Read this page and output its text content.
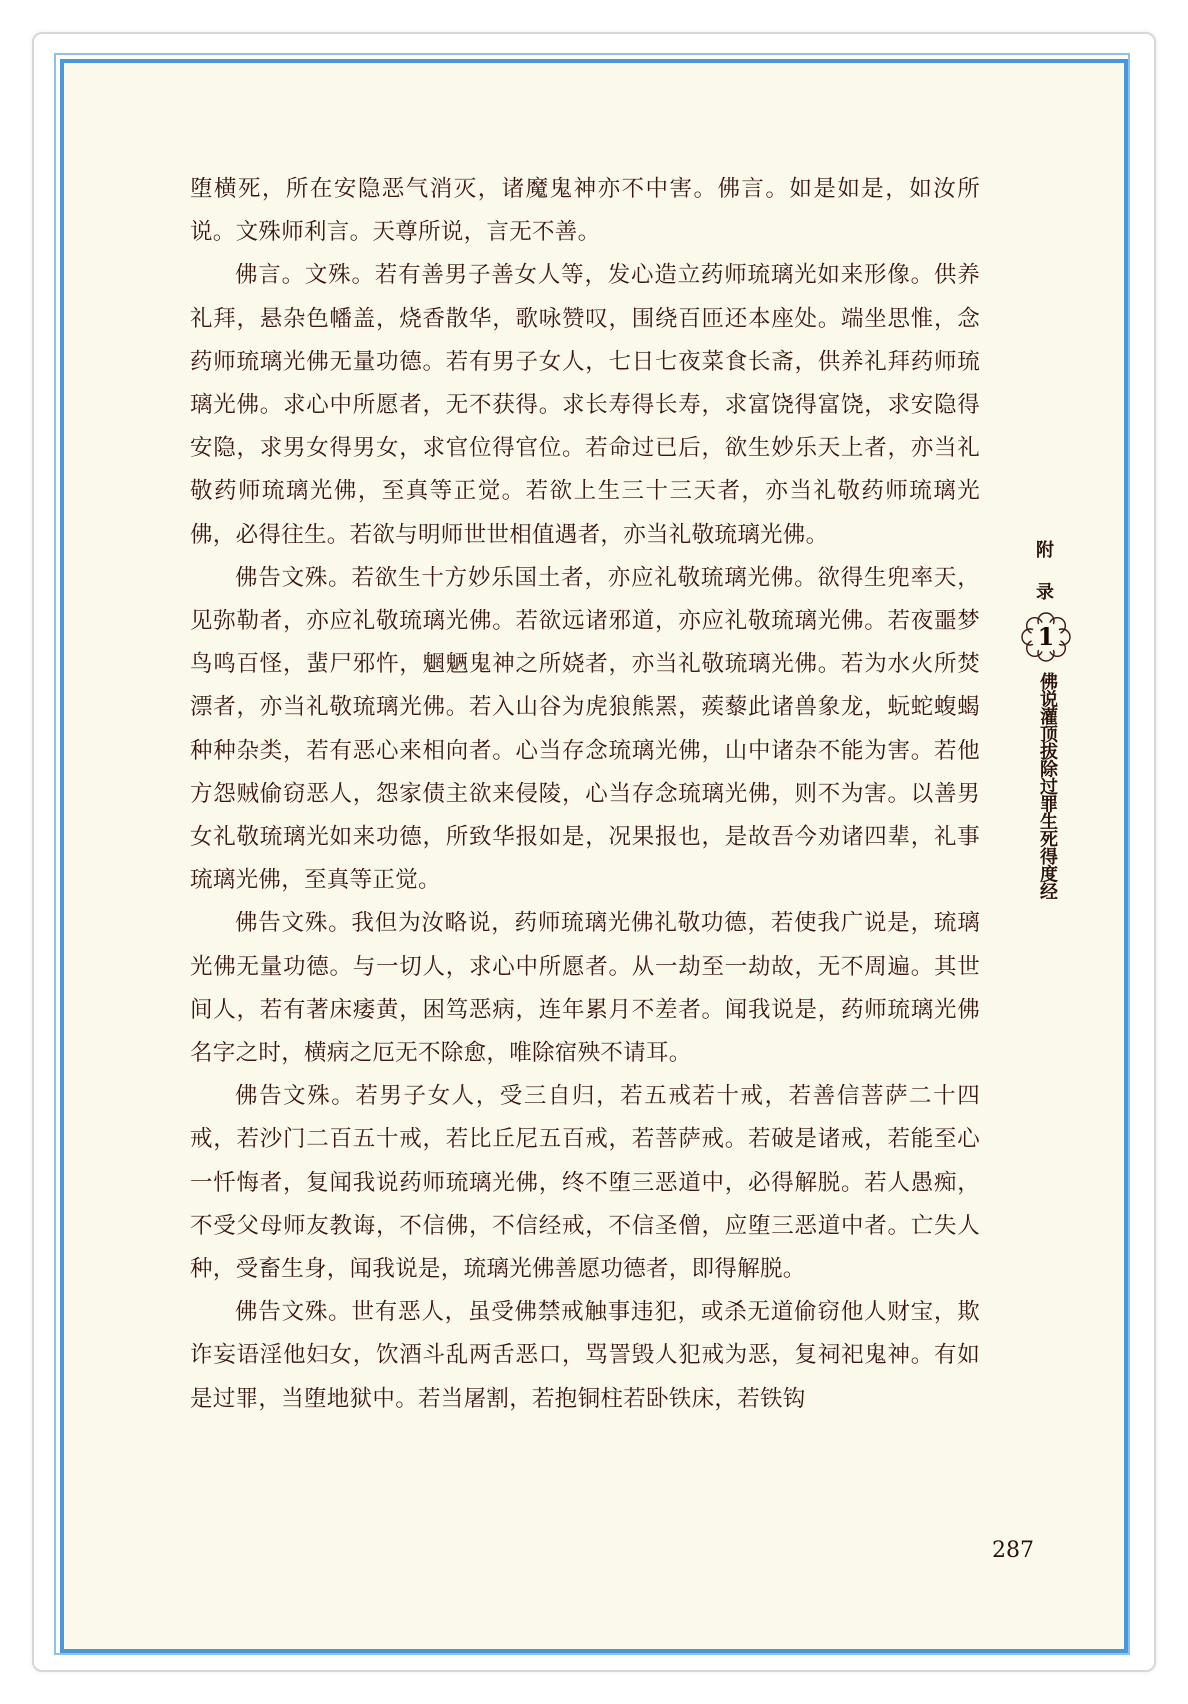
堕横死，所在安隐恶气消灭，诸魔鬼神亦不中害。佛言。如是如是，如汝所说。文殊师利言。天尊所说，言无不善。

佛言。文殊。若有善男子善女人等，发心造立药师琉璃光如来形像。供养礼拜，悬杂色幡盖，烧香散华，歌咏赞叹，围绕百匝还本座处。端坐思惟，念药师琉璃光佛无量功德。若有男子女人，七日七夜菜食长斋，供养礼拜药师琉璃光佛。求心中所愿者，无不获得。求长寿得长寿，求富饶得富饶，求安隐得安隐，求男女得男女，求官位得官位。若命过已后，欲生妙乐天上者，亦当礼敬药师琉璃光佛，至真等正觉。若欲上生三十三天者，亦当礼敬药师琉璃光佛，必得往生。若欲与明师世世相值遇者，亦当礼敬琉璃光佛。

佛告文殊。若欲生十方妙乐国土者，亦应礼敬琉璃光佛。欲得生兜率天，见弥勒者，亦应礼敬琉璃光佛。若欲远诸邪道，亦应礼敬琉璃光佛。若夜噩梦鸟鸣百怪，蜚尸邪忤，魍魉鬼神之所娆者，亦当礼敬琉璃光佛。若为水火所焚漂者，亦当礼敬琉璃光佛。若入山谷为虎狼熊罴，蒺藜此诸兽象龙，蚖蛇蝮蝎种种杂类，若有恶心来相向者。心当存念琉璃光佛，山中诸杂不能为害。若他方怨贼偷窃恶人，怨家债主欲来侵陵，心当存念琉璃光佛，则不为害。以善男女礼敬琉璃光如来功德，所致华报如是，况果报也，是故吾今劝诸四辈，礼事琉璃光佛，至真等正觉。

佛告文殊。我但为汝略说，药师琉璃光佛礼敬功德，若使我广说是，琉璃光佛无量功德。与一切人，求心中所愿者。从一劫至一劫故，无不周遍。其世间人，若有著床痿黄，困笃恶病，连年累月不差者。闻我说是，药师琉璃光佛名字之时，横病之厄无不除愈，唯除宿殃不请耳。

佛告文殊。若男子女人，受三自归，若五戒若十戒，若善信菩萨二十四戒，若沙门二百五十戒，若比丘尼五百戒，若菩萨戒。若破是诸戒，若能至心一忏悔者，复闻我说药师琉璃光佛，终不堕三恶道中，必得解脱。若人愚痴，不受父母师友教诲，不信佛，不信经戒，不信圣僧，应堕三恶道中者。亡失人种，受畜生身，闻我说是，琉璃光佛善愿功德者，即得解脱。

佛告文殊。世有恶人，虽受佛禁戒触事违犯，或杀无道偷窃他人财宝，欺诈妄语淫他妇女，饮酒斗乱两舌恶口，骂詈毁人犯戒为恶，复祠祀鬼神。有如是过罪，当堕地狱中。若当屠割，若抱铜柱若卧铁床，若铁钩

附
录
1
佛说灌顶拔除过罪生死得度经
287
